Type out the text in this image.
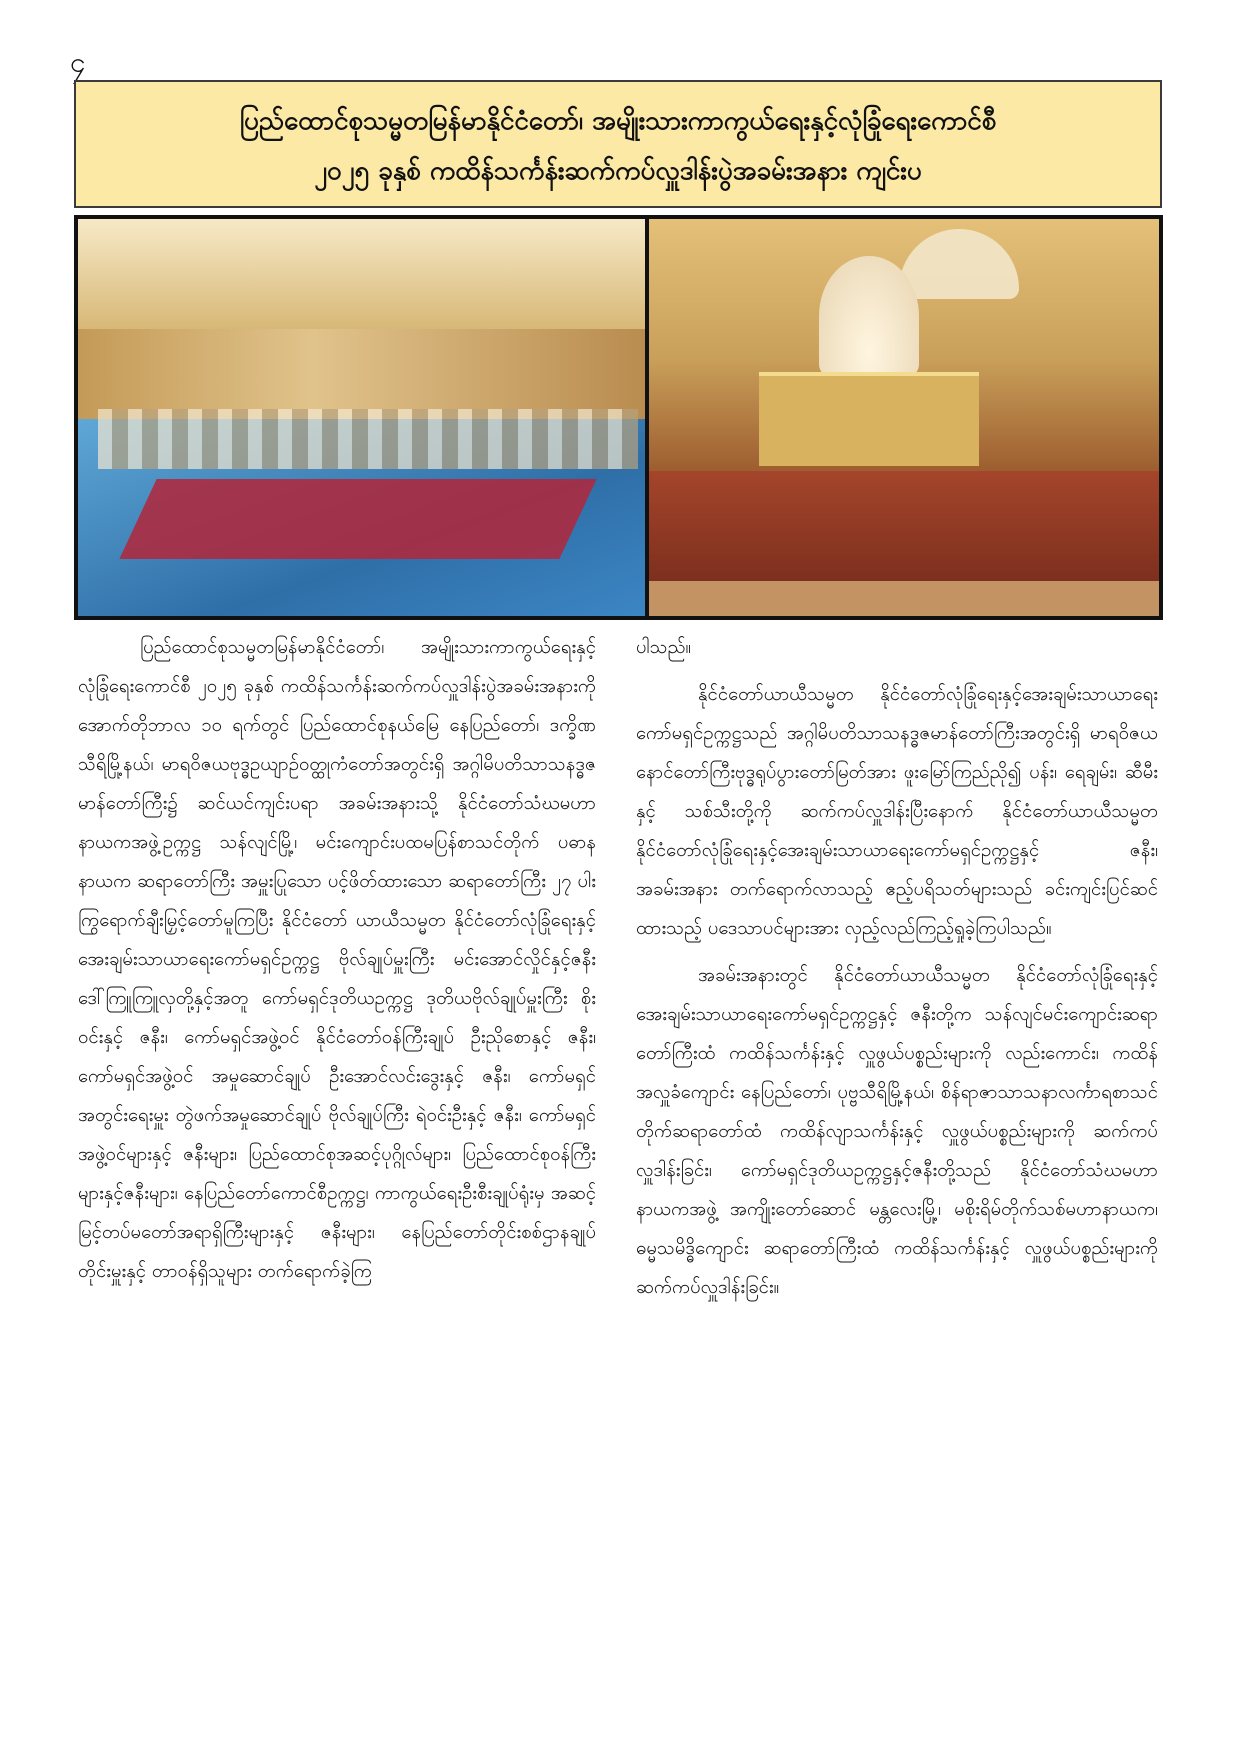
၄
ပြည်ထောင်စုသမ္မတမြန်မာနိုင်ငံတော်၊ အမျိုးသားကာကွယ်ရေးနှင့်လုံခြုံရေးကောင်စီ
၂၀၂၅ ခုနှစ် ကထိန်သင်္ကန်းဆက်ကပ်လှူဒါန်းပွဲအခမ်းအနား ကျင်းပ

ပြည်ထောင်စုသမ္မတမြန်မာနိုင်ငံတော်၊ အမျိုးသားကာကွယ်ရေးနှင့် လုံခြုံရေးကောင်စီ ၂၀၂၅ ခုနှစ် ကထိန်သင်္ကန်းဆက်ကပ်လှူဒါန်းပွဲအခမ်းအနားကို အောက်တိုဘာလ ၁၀ ရက်တွင် ပြည်ထောင်စုနယ်မြေ နေပြည်တော်၊ ဒက္ခိဏသီရိမြို့နယ်၊ မာရဝိဇယဗုဒ္ဓဥယျာဉ်ဝတ္ထုကံတော်အတွင်းရှိ အဂ္ဂါမိပတိသာသနဒ္ဓဇမာန်တော်ကြီး၌ ဆင်ယင်ကျင်းပရာ အခမ်းအနားသို့ နိုင်ငံတော်သံဃမဟာနာယကအဖွဲ့ဥက္ကဋ္ဌ သန်လျင်မြို့၊ မင်းကျောင်းပထမပြန်စာသင်တိုက် ပဓာနနာယက ဆရာတော်ကြီး အမှူးပြုသော ပင့်ဖိတ်ထားသော ဆရာတော်ကြီး ၂၇ ပါး ကြွရောက်ချီးမြှင့်တော်မူကြပြီး နိုင်ငံတော် ယာယီသမ္မတ နိုင်ငံတော်လုံခြုံရေးနှင့်အေးချမ်းသာယာရေးကော်မရှင်ဥက္ကဋ္ဌ ဗိုလ်ချုပ်မှူးကြီး မင်းအောင်လှိုင်နှင့်ဇနီး ဒေါ်ကြူကြူလှတို့နှင့်အတူ ကော်မရှင်ဒုတိယဥက္ကဋ္ဌ ဒုတိယဗိုလ်ချုပ်မှူးကြီး စိုးဝင်းနှင့် ဇနီး၊ ကော်မရှင်အဖွဲ့ဝင် နိုင်ငံတော်ဝန်ကြီးချုပ် ဦးညိုစောနှင့် ဇနီး၊ ကော်မရှင်အဖွဲ့ဝင် အမှုဆောင်ချုပ် ဦးအောင်လင်းဒွေးနှင့် ဇနီး၊ ကော်မရှင်အတွင်းရေးမှူး တွဲဖက်အမှုဆောင်ချုပ် ဗိုလ်ချုပ်ကြီး ရဲဝင်းဦးနှင့် ဇနီး၊ ကော်မရှင်အဖွဲ့ဝင်များနှင့် ဇနီးများ၊ ပြည်ထောင်စုအဆင့်ပုဂ္ဂိုလ်များ၊ ပြည်ထောင်စုဝန်ကြီးများနှင့်ဇနီးများ၊ နေပြည်တော်ကောင်စီဥက္ကဋ္ဌ၊ ကာကွယ်ရေးဦးစီးချုပ်ရုံးမှ အဆင့်မြင့်တပ်မတော်အရာရှိကြီးများနှင့် ဇနီးများ၊ နေပြည်တော်တိုင်းစစ်ဌာနချုပ်တိုင်းမှူးနှင့် တာဝန်ရှိသူများ တက်ရောက်ခဲ့ကြ

ပါသည်။

နိုင်ငံတော်ယာယီသမ္မတ နိုင်ငံတော်လုံခြုံရေးနှင့်အေးချမ်းသာယာရေးကော်မရှင်ဥက္ကဋ္ဌသည် အဂ္ဂါမိပတိသာသနဒ္ဓဇမာန်တော်ကြီးအတွင်းရှိ မာရဝိဇယနောင်တော်ကြီးဗုဒ္ဓရုပ်ပွားတော်မြတ်အား ဖူးမြော်ကြည်ညို၍ ပန်း၊ ရေချမ်း၊ ဆီမီးနှင့် သစ်သီးတို့ကို ဆက်ကပ်လှူဒါန်းပြီးနောက် နိုင်ငံတော်ယာယီသမ္မတ နိုင်ငံတော်လုံခြုံရေးနှင့်အေးချမ်းသာယာရေးကော်မရှင်ဥက္ကဋ္ဌနှင့် ဇနီး၊ အခမ်းအနား တက်ရောက်လာသည့် ဧည့်ပရိသတ်များသည် ခင်းကျင်းပြင်ဆင်ထားသည့် ပဒေသာပင်များအား လှည့်လည်ကြည့်ရှုခဲ့ကြပါသည်။

အခမ်းအနားတွင် နိုင်ငံတော်ယာယီသမ္မတ နိုင်ငံတော်လုံခြုံရေးနှင့်အေးချမ်းသာယာရေးကော်မရှင်ဥက္ကဋ္ဌနှင့် ဇနီးတို့က သန်လျင်မင်းကျောင်းဆရာတော်ကြီးထံ ကထိန်သင်္ကန်းနှင့် လှူဖွယ်ပစ္စည်းများကို လည်းကောင်း၊ ကထိန်အလှူခံကျောင်း နေပြည်တော်၊ ပုဗ္ဗသီရိမြို့နယ်၊ စိန်ရာဇာသာသနာလင်္ကာရစာသင်တိုက်ဆရာတော်ထံ ကထိန်လျာသင်္ကန်းနှင့် လှူဖွယ်ပစ္စည်းများကို ဆက်ကပ်လှူဒါန်းခြင်း၊ ကော်မရှင်ဒုတိယဥက္ကဋ္ဌနှင့်ဇနီးတို့သည် နိုင်ငံတော်သံဃမဟာနာယကအဖွဲ့ အကျိုးတော်ဆောင် မန္တလေးမြို့၊ မစိုးရိမ်တိုက်သစ်မဟာနာယက၊ ဓမ္မသမိဒ္ဓိကျောင်း ဆရာတော်ကြီးထံ ကထိန်သင်္ကန်းနှင့် လှူဖွယ်ပစ္စည်းများကို ဆက်ကပ်လှူဒါန်းခြင်း။
